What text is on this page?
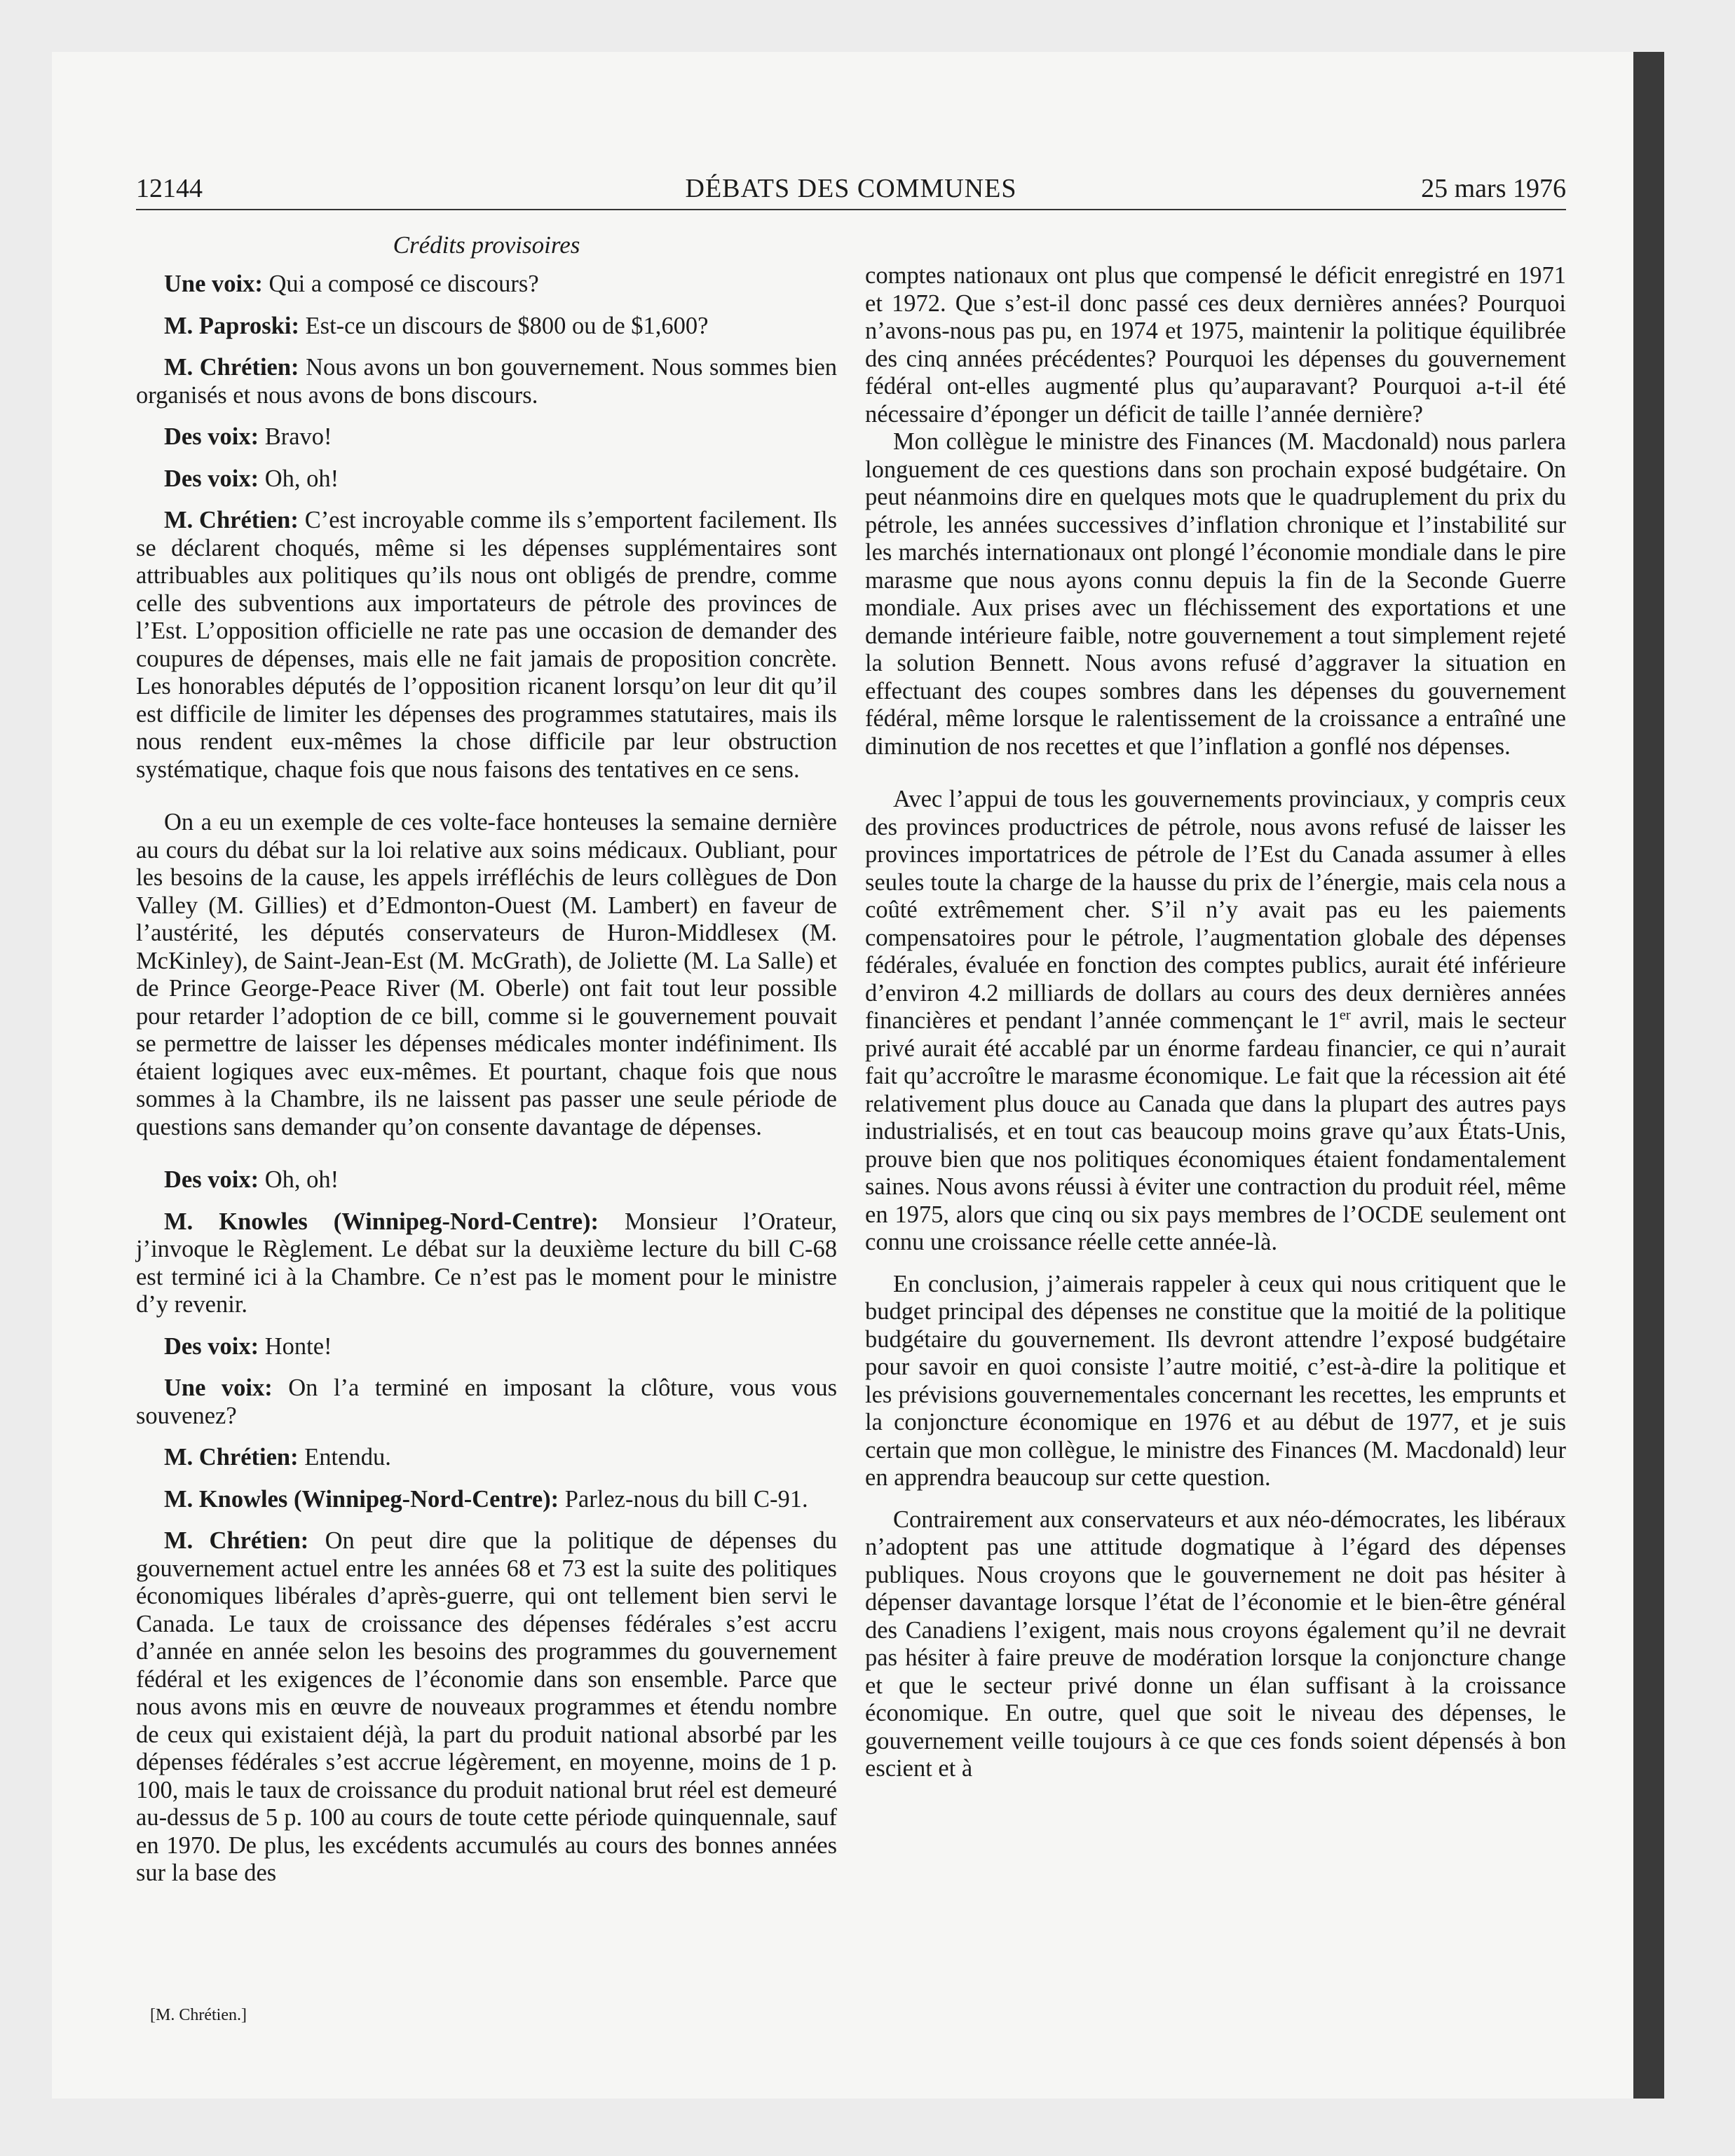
12144	DÉBATS DES COMMUNES	25 mars 1976
Crédits provisoires

Une voix: Qui a composé ce discours?

M. Paproski: Est-ce un discours de $800 ou de $1,600?

M. Chrétien: Nous avons un bon gouvernement. Nous sommes bien organisés et nous avons de bons discours.

Des voix: Bravo!

Des voix: Oh, oh!

M. Chrétien: C’est incroyable comme ils s’emportent facilement. Ils se déclarent choqués, même si les dépenses supplémentaires sont attribuables aux politiques qu’ils nous ont obligés de prendre, comme celle des subventions aux importateurs de pétrole des provinces de l’Est. L’opposition officielle ne rate pas une occasion de demander des coupures de dépenses, mais elle ne fait jamais de proposition concrète. Les honorables députés de l’opposition ricanent lorsqu’on leur dit qu’il est difficile de limiter les dépenses des programmes statutaires, mais ils nous rendent eux-mêmes la chose difficile par leur obstruction systématique, chaque fois que nous faisons des tentatives en ce sens.

On a eu un exemple de ces volte-face honteuses la semaine dernière au cours du débat sur la loi relative aux soins médicaux. Oubliant, pour les besoins de la cause, les appels irréfléchis de leurs collègues de Don Valley (M. Gillies) et d’Edmonton-Ouest (M. Lambert) en faveur de l’austérité, les députés conservateurs de Huron-Middlesex (M. McKinley), de Saint-Jean-Est (M. McGrath), de Joliette (M. La Salle) et de Prince George-Peace River (M. Oberle) ont fait tout leur possible pour retarder l’adoption de ce bill, comme si le gouvernement pouvait se permettre de laisser les dépenses médicales monter indéfiniment. Ils étaient logiques avec eux-mêmes. Et pourtant, chaque fois que nous sommes à la Chambre, ils ne laissent pas passer une seule période de questions sans demander qu’on consente davantage de dépenses.

Des voix: Oh, oh!

M. Knowles (Winnipeg-Nord-Centre): Monsieur l’Orateur, j’invoque le Règlement. Le débat sur la deuxième lecture du bill C-68 est terminé ici à la Chambre. Ce n’est pas le moment pour le ministre d’y revenir.

Des voix: Honte!

Une voix: On l’a terminé en imposant la clôture, vous vous souvenez?

M. Chrétien: Entendu.

M. Knowles (Winnipeg-Nord-Centre): Parlez-nous du bill C-91.

M. Chrétien: On peut dire que la politique de dépenses du gouvernement actuel entre les années 68 et 73 est la suite des politiques économiques libérales d’après-guerre, qui ont tellement bien servi le Canada. Le taux de croissance des dépenses fédérales s’est accru d’année en année selon les besoins des programmes du gouvernement fédéral et les exigences de l’économie dans son ensemble. Parce que nous avons mis en œuvre de nouveaux programmes et étendu nombre de ceux qui existaient déjà, la part du produit national absorbé par les dépenses fédérales s’est accrue légèrement, en moyenne, moins de 1 p. 100, mais le taux de croissance du produit national brut réel est demeuré au-dessus de 5 p. 100 au cours de toute cette période quinquennale, sauf en 1970. De plus, les excédents accumulés au cours des bonnes années sur la base des

[M. Chrétien.]

comptes nationaux ont plus que compensé le déficit enregistré en 1971 et 1972. Que s’est-il donc passé ces deux dernières années? Pourquoi n’avons-nous pas pu, en 1974 et 1975, maintenir la politique équilibrée des cinq années précédentes? Pourquoi les dépenses du gouvernement fédéral ont-elles augmenté plus qu’auparavant? Pourquoi a-t-il été nécessaire d’éponger un déficit de taille l’année dernière?

Mon collègue le ministre des Finances (M. Macdonald) nous parlera longuement de ces questions dans son prochain exposé budgétaire. On peut néanmoins dire en quelques mots que le quadruplement du prix du pétrole, les années successives d’inflation chronique et l’instabilité sur les marchés internationaux ont plongé l’économie mondiale dans le pire marasme que nous ayons connu depuis la fin de la Seconde Guerre mondiale. Aux prises avec un fléchissement des exportations et une demande intérieure faible, notre gouvernement a tout simplement rejeté la solution Bennett. Nous avons refusé d’aggraver la situation en effectuant des coupes sombres dans les dépenses du gouvernement fédéral, même lorsque le ralentissement de la croissance a entraîné une diminution de nos recettes et que l’inflation a gonflé nos dépenses.

Avec l’appui de tous les gouvernements provinciaux, y compris ceux des provinces productrices de pétrole, nous avons refusé de laisser les provinces importatrices de pétrole de l’Est du Canada assumer à elles seules toute la charge de la hausse du prix de l’énergie, mais cela nous a coûté extrêmement cher. S’il n’y avait pas eu les paiements compensatoires pour le pétrole, l’augmentation globale des dépenses fédérales, évaluée en fonction des comptes publics, aurait été inférieure d’environ 4.2 milliards de dollars au cours des deux dernières années financières et pendant l’année commençant le 1er avril, mais le secteur privé aurait été accablé par un énorme fardeau financier, ce qui n’aurait fait qu’accroître le marasme économique. Le fait que la récession ait été relativement plus douce au Canada que dans la plupart des autres pays industrialisés, et en tout cas beaucoup moins grave qu’aux États-Unis, prouve bien que nos politiques économiques étaient fondamentalement saines. Nous avons réussi à éviter une contraction du produit réel, même en 1975, alors que cinq ou six pays membres de l’OCDE seulement ont connu une croissance réelle cette année-là.

En conclusion, j’aimerais rappeler à ceux qui nous critiquent que le budget principal des dépenses ne constitue que la moitié de la politique budgétaire du gouvernement. Ils devront attendre l’exposé budgétaire pour savoir en quoi consiste l’autre moitié, c’est-à-dire la politique et les prévisions gouvernementales concernant les recettes, les emprunts et la conjoncture économique en 1976 et au début de 1977, et je suis certain que mon collègue, le ministre des Finances (M. Macdonald) leur en apprendra beaucoup sur cette question.

Contrairement aux conservateurs et aux néo-démocrates, les libéraux n’adoptent pas une attitude dogmatique à l’égard des dépenses publiques. Nous croyons que le gouvernement ne doit pas hésiter à dépenser davantage lorsque l’état de l’économie et le bien-être général des Canadiens l’exigent, mais nous croyons également qu’il ne devrait pas hésiter à faire preuve de modération lorsque la conjoncture change et que le secteur privé donne un élan suffisant à la croissance économique. En outre, quel que soit le niveau des dépenses, le gouvernement veille toujours à ce que ces fonds soient dépensés à bon escient et à
